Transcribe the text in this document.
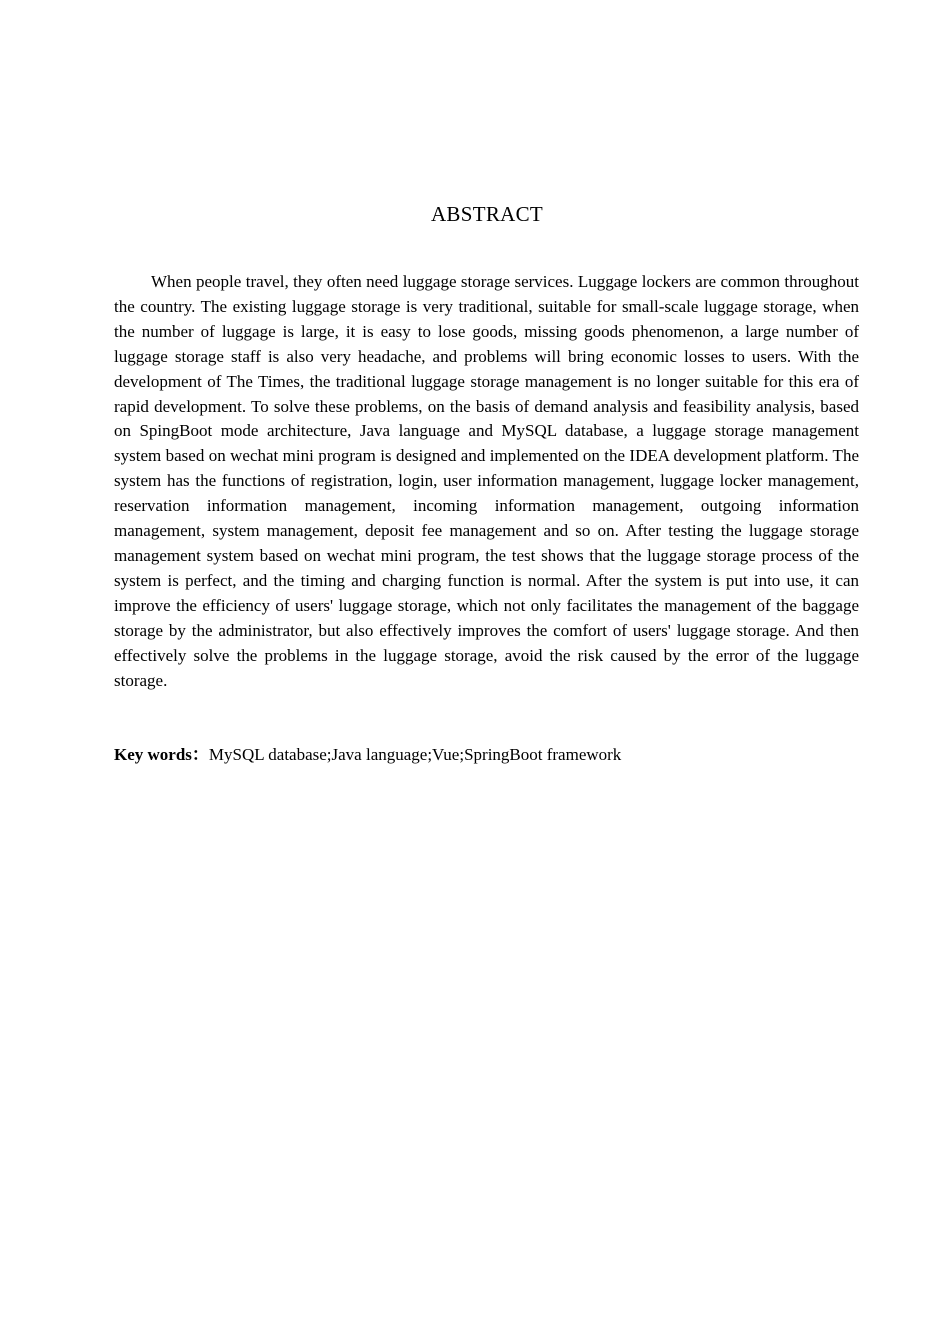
ABSTRACT

When people travel, they often need luggage storage services. Luggage lockers are common throughout the country. The existing luggage storage is very traditional, suitable for small-scale luggage storage, when the number of luggage is large, it is easy to lose goods, missing goods phenomenon, a large number of luggage storage staff is also very headache, and problems will bring economic losses to users. With the development of The Times, the traditional luggage storage management is no longer suitable for this era of rapid development. To solve these problems, on the basis of demand analysis and feasibility analysis, based on SpingBoot mode architecture, Java language and MySQL database, a luggage storage management system based on wechat mini program is designed and implemented on the IDEA development platform. The system has the functions of registration, login, user information management, luggage locker management, reservation information management, incoming information management, outgoing information management, system management, deposit fee management and so on. After testing the luggage storage management system based on wechat mini program, the test shows that the luggage storage process of the system is perfect, and the timing and charging function is normal. After the system is put into use, it can improve the efficiency of users' luggage storage, which not only facilitates the management of the baggage storage by the administrator, but also effectively improves the comfort of users' luggage storage. And then effectively solve the problems in the luggage storage, avoid the risk caused by the error of the luggage storage.

Key words：MySQL database;Java language;Vue;SpringBoot framework
